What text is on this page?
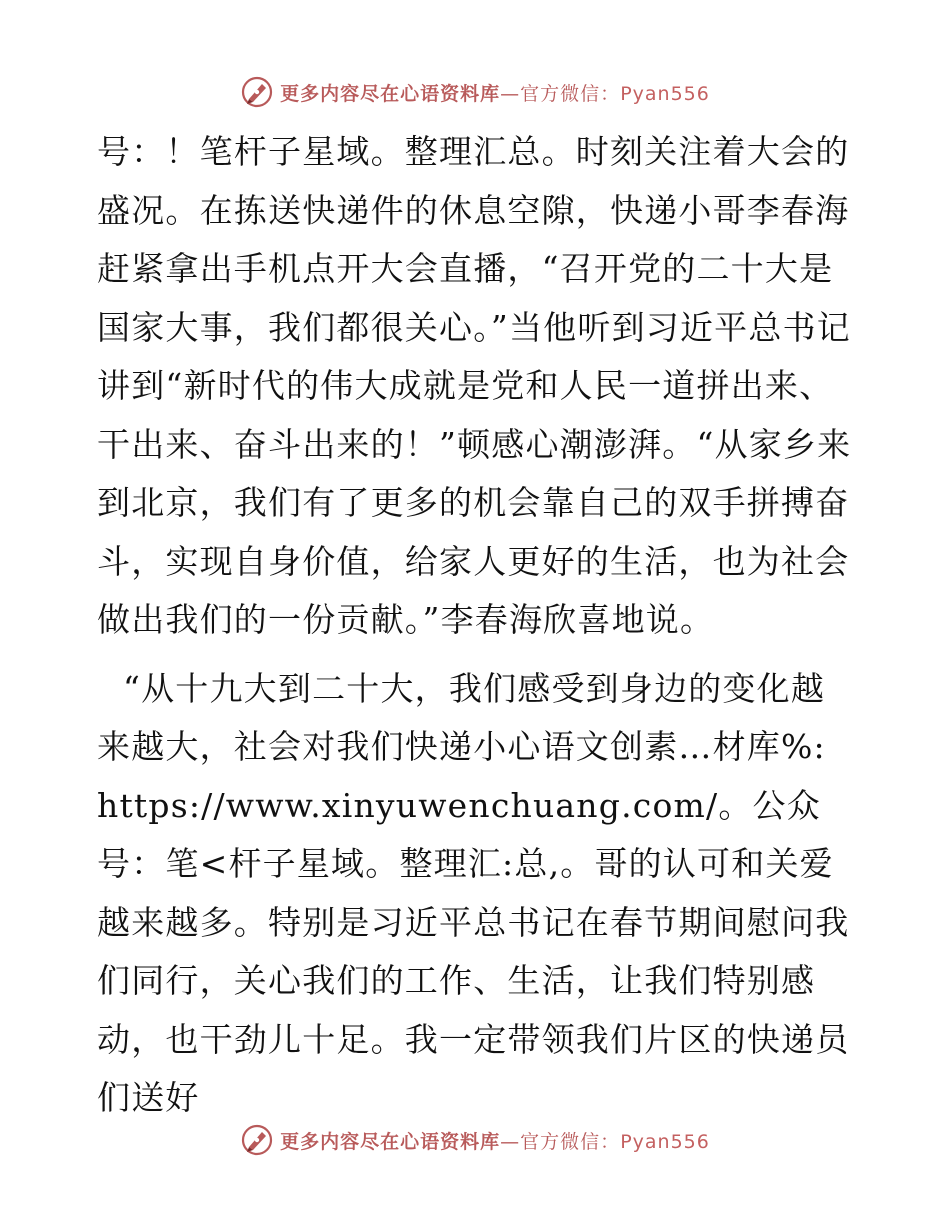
更多内容尽在心语资料库—官方微信：Pyan556

号：！笔杆子星域。整理汇总。时刻关注着大会的盛况。在拣送快递件的休息空隙，快递小哥李春海赶紧拿出手机点开大会直播，“召开党的二十大是国家大事，我们都很关心。”当他听到习近平总书记讲到“新时代的伟大成就是党和人民一道拼出来、干出来、奋斗出来的！”顿感心潮澎湃。“从家乡来到北京，我们有了更多的机会靠自己的双手拼搏奋斗，实现自身价值，给家人更好的生活，也为社会做出我们的一份贡献。”李春海欣喜地说。

“从十九大到二十大，我们感受到身边的变化越来越大，社会对我们快递小心语文创素…材库%: https://www.xinyuwenchuang.com/。公众号：笔<杆子星域。整理汇:总,。哥的认可和关爱越来越多。特别是习近平总书记在春节期间慰问我们同行，关心我们的工作、生活，让我们特别感动，也干劲儿十足。我一定带领我们片区的快递员们送好

更多内容尽在心语资料库—官方微信：Pyan556
